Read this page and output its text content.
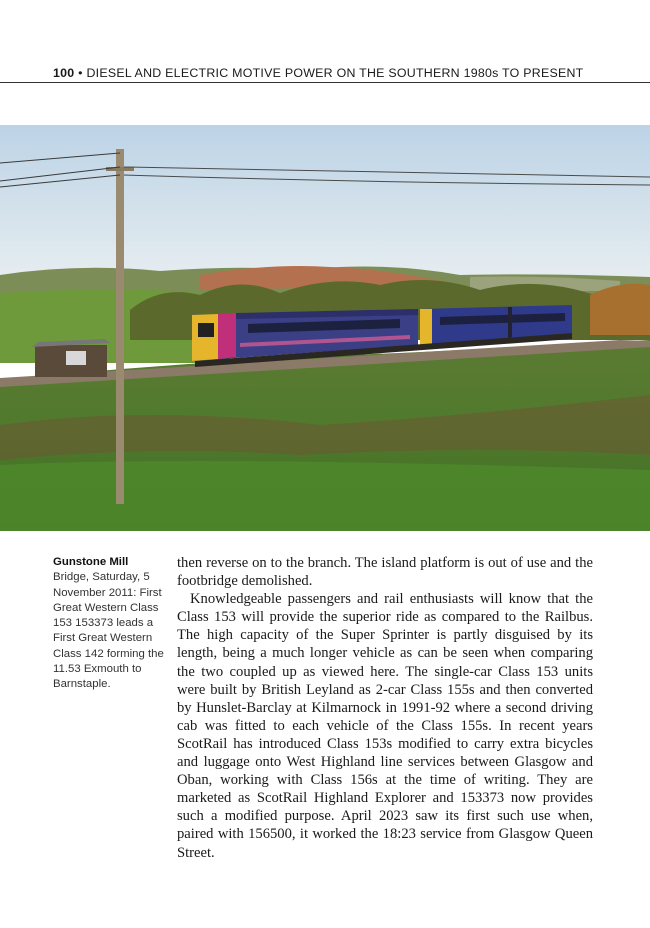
100 • DIESEL AND ELECTRIC MOTIVE POWER ON THE SOUTHERN 1980s TO PRESENT
Gunstone Mill Bridge, Saturday, 5 November 2011: First Great Western Class 153 153373 leads a First Great Western Class 142 forming the 11.53 Exmouth to Barnstaple.

then reverse on to the branch. The island platform is out of use and the footbridge demolished.

Knowledgeable passengers and rail enthusiasts will know that the Class 153 will provide the superior ride as compared to the Railbus. The high capacity of the Super Sprinter is partly disguised by its length, being a much longer vehicle as can be seen when comparing the two coupled up as viewed here. The single-car Class 153 units were built by British Leyland as 2-car Class 155s and then converted by Hunslet-Barclay at Kilmarnock in 1991-92 where a second driving cab was fitted to each vehicle of the Class 155s. In recent years ScotRail has introduced Class 153s modified to carry extra bicycles and luggage onto West Highland line services between Glasgow and Oban, working with Class 156s at the time of writing. They are marketed as ScotRail Highland Explorer and 153373 now provides such a modified purpose. April 2023 saw its first such use when, paired with 156500, it worked the 18:23 service from Glasgow Queen Street.
